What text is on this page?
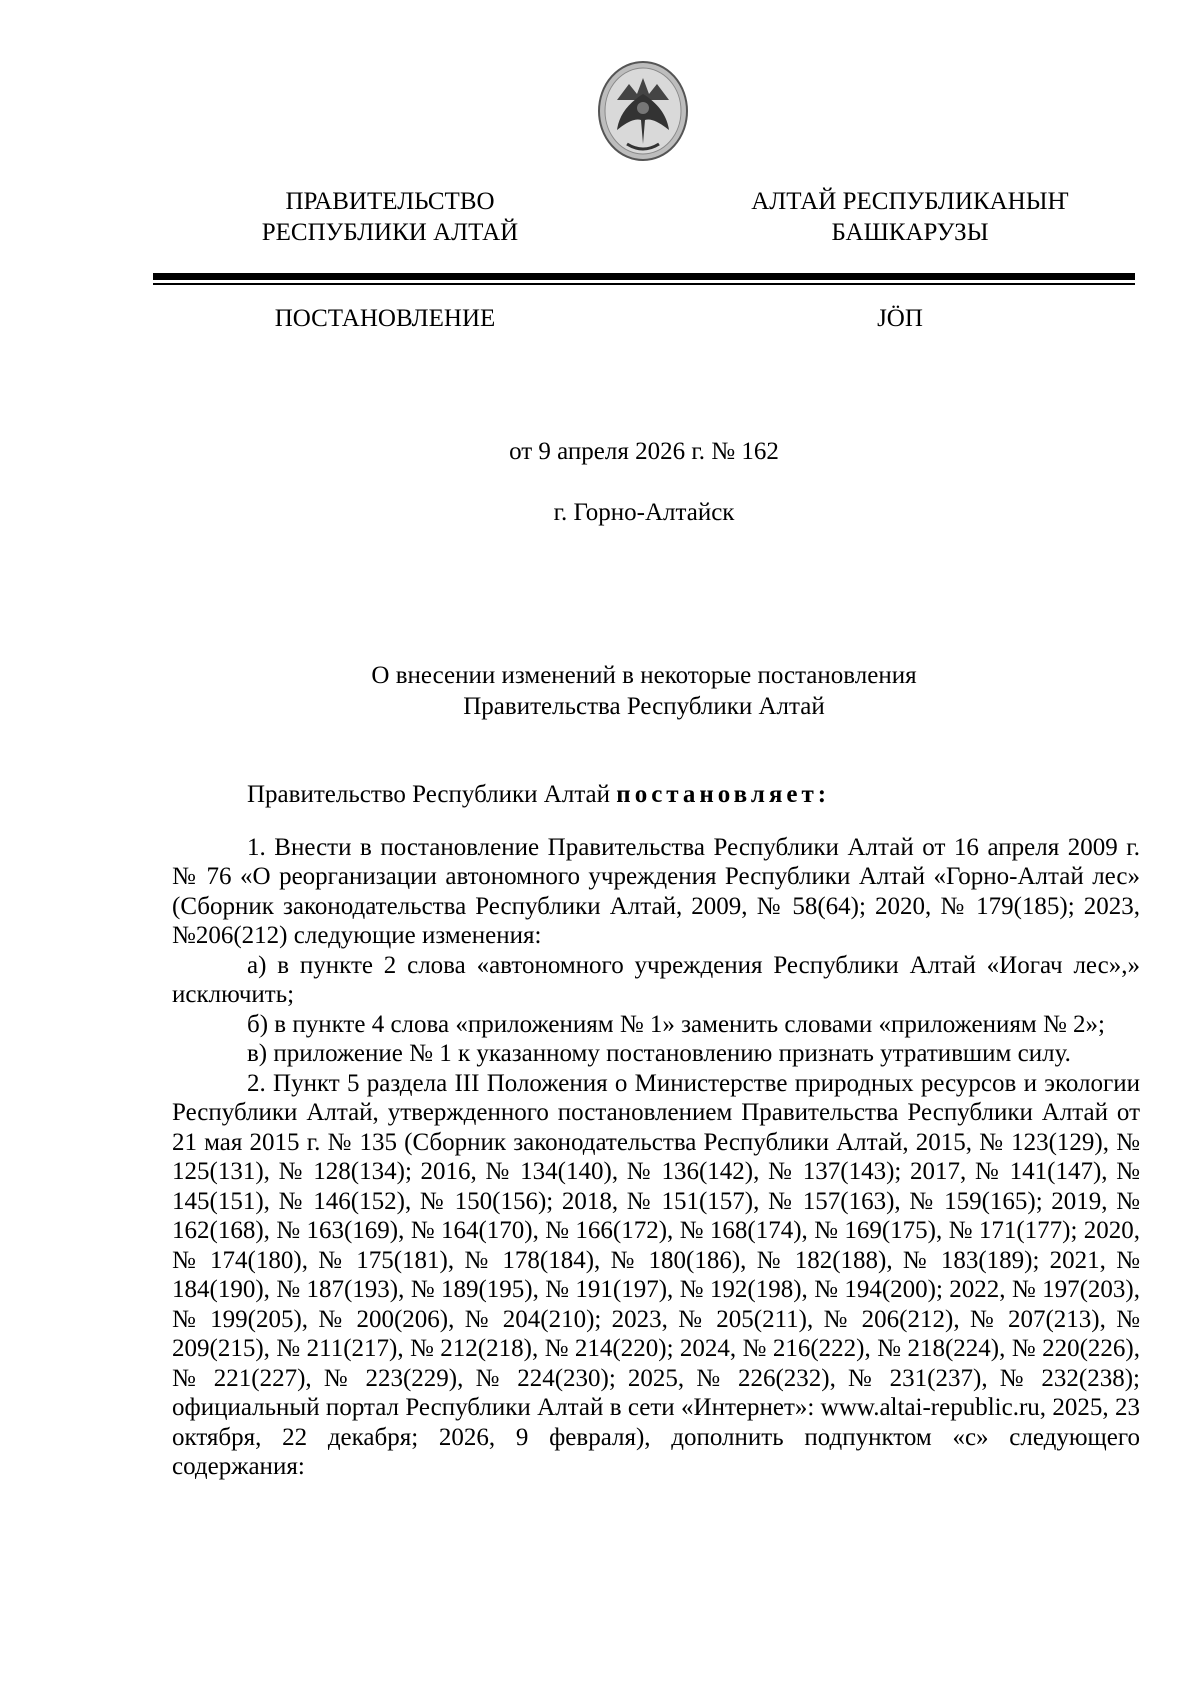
ПРАВИТЕЛЬСТВО
РЕСПУБЛИКИ АЛТАЙ
АЛТАЙ РЕСПУБЛИКАНЫҤ
БАШКАРУЗЫ
ПОСТАНОВЛЕНИЕ	JÖП
от 9 апреля 2026 г. № 162
г. Горно-Алтайск
О внесении изменений в некоторые постановления
Правительства Республики Алтай

Правительство Республики Алтай постановляет:

1. Внести в постановление Правительства Республики Алтай от 16 апреля 2009 г. № 76 «О реорганизации автономного учреждения Республики Алтай «Горно-Алтай лес» (Сборник законодательства Республики Алтай, 2009, № 58(64); 2020, № 179(185); 2023, №206(212) следующие изменения:

а) в пункте 2 слова «автономного учреждения Республики Алтай «Иогач лес»,» исключить;

б) в пункте 4 слова «приложениям № 1» заменить словами «приложениям № 2»;

в) приложение № 1 к указанному постановлению признать утратившим силу.

2. Пункт 5 раздела III Положения о Министерстве природных ресурсов и экологии Республики Алтай, утвержденного постановлением Правительства Республики Алтай от 21 мая 2015 г. № 135 (Сборник законодательства Республики Алтай, 2015, № 123(129), № 125(131), № 128(134); 2016, № 134(140), № 136(142), № 137(143); 2017, № 141(147), № 145(151), № 146(152), № 150(156); 2018, № 151(157), № 157(163), № 159(165); 2019, № 162(168), № 163(169), № 164(170), № 166(172), № 168(174), № 169(175), № 171(177); 2020, № 174(180), № 175(181), № 178(184), № 180(186), № 182(188), № 183(189); 2021, № 184(190), № 187(193), № 189(195), № 191(197), № 192(198), № 194(200); 2022, № 197(203), № 199(205), № 200(206), № 204(210); 2023, № 205(211), № 206(212), № 207(213), № 209(215), № 211(217), № 212(218), № 214(220); 2024, № 216(222), № 218(224), № 220(226), № 221(227), № 223(229), № 224(230); 2025, № 226(232), № 231(237), № 232(238); официальный портал Республики Алтай в сети «Интернет»: www.altai-republic.ru, 2025, 23 октября, 22 декабря; 2026, 9 февраля), дополнить подпунктом «с» следующего содержания:
